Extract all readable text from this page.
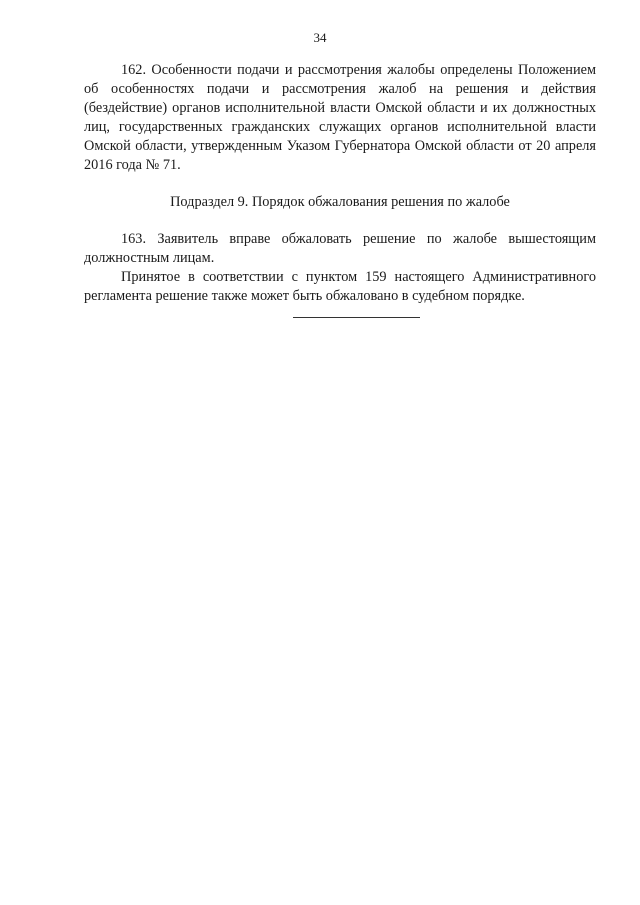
34

162. Особенности подачи и рассмотрения жалобы определены Положением об особенностях подачи и рассмотрения жалоб на решения и действия (бездействие) органов исполнительной власти Омской области и их должностных лиц, государственных гражданских служащих органов исполнительной власти Омской области, утвержденным Указом Губернатора Омской области от 20 апреля 2016 года № 71.

Подраздел 9. Порядок обжалования решения по жалобе

163. Заявитель вправе обжаловать решение по жалобе вышестоящим должностным лицам.

Принятое в соответствии с пунктом 159 настоящего Административного регламента решение также может быть обжаловано в судебном порядке.
